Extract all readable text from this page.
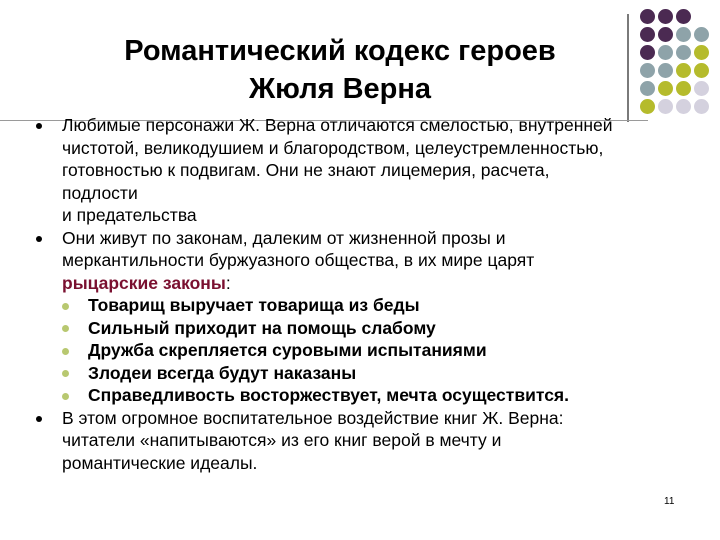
Романтический кодекс героев
Жюля Верна
Любимые персонажи Ж. Верна отличаются смелостью, внутренней
чистотой, великодушием и благородством, целеустремленностью,
готовностью к подвигам. Они не знают лицемерия, расчета,
подлости
и предательства
Они живут по законам, далеким от жизненной прозы и
меркантильности буржуазного общества, в их мире царят
рыцарские законы:
Товарищ выручает товарища из беды
Сильный приходит на помощь слабому
Дружба скрепляется суровыми испытаниями
Злодеи всегда будут наказаны
Справедливость восторжествует, мечта осуществится.
В этом огромное воспитательное воздействие книг Ж. Верна:
читатели «напитываются» из его книг верой в мечту и
романтические идеалы.
11
